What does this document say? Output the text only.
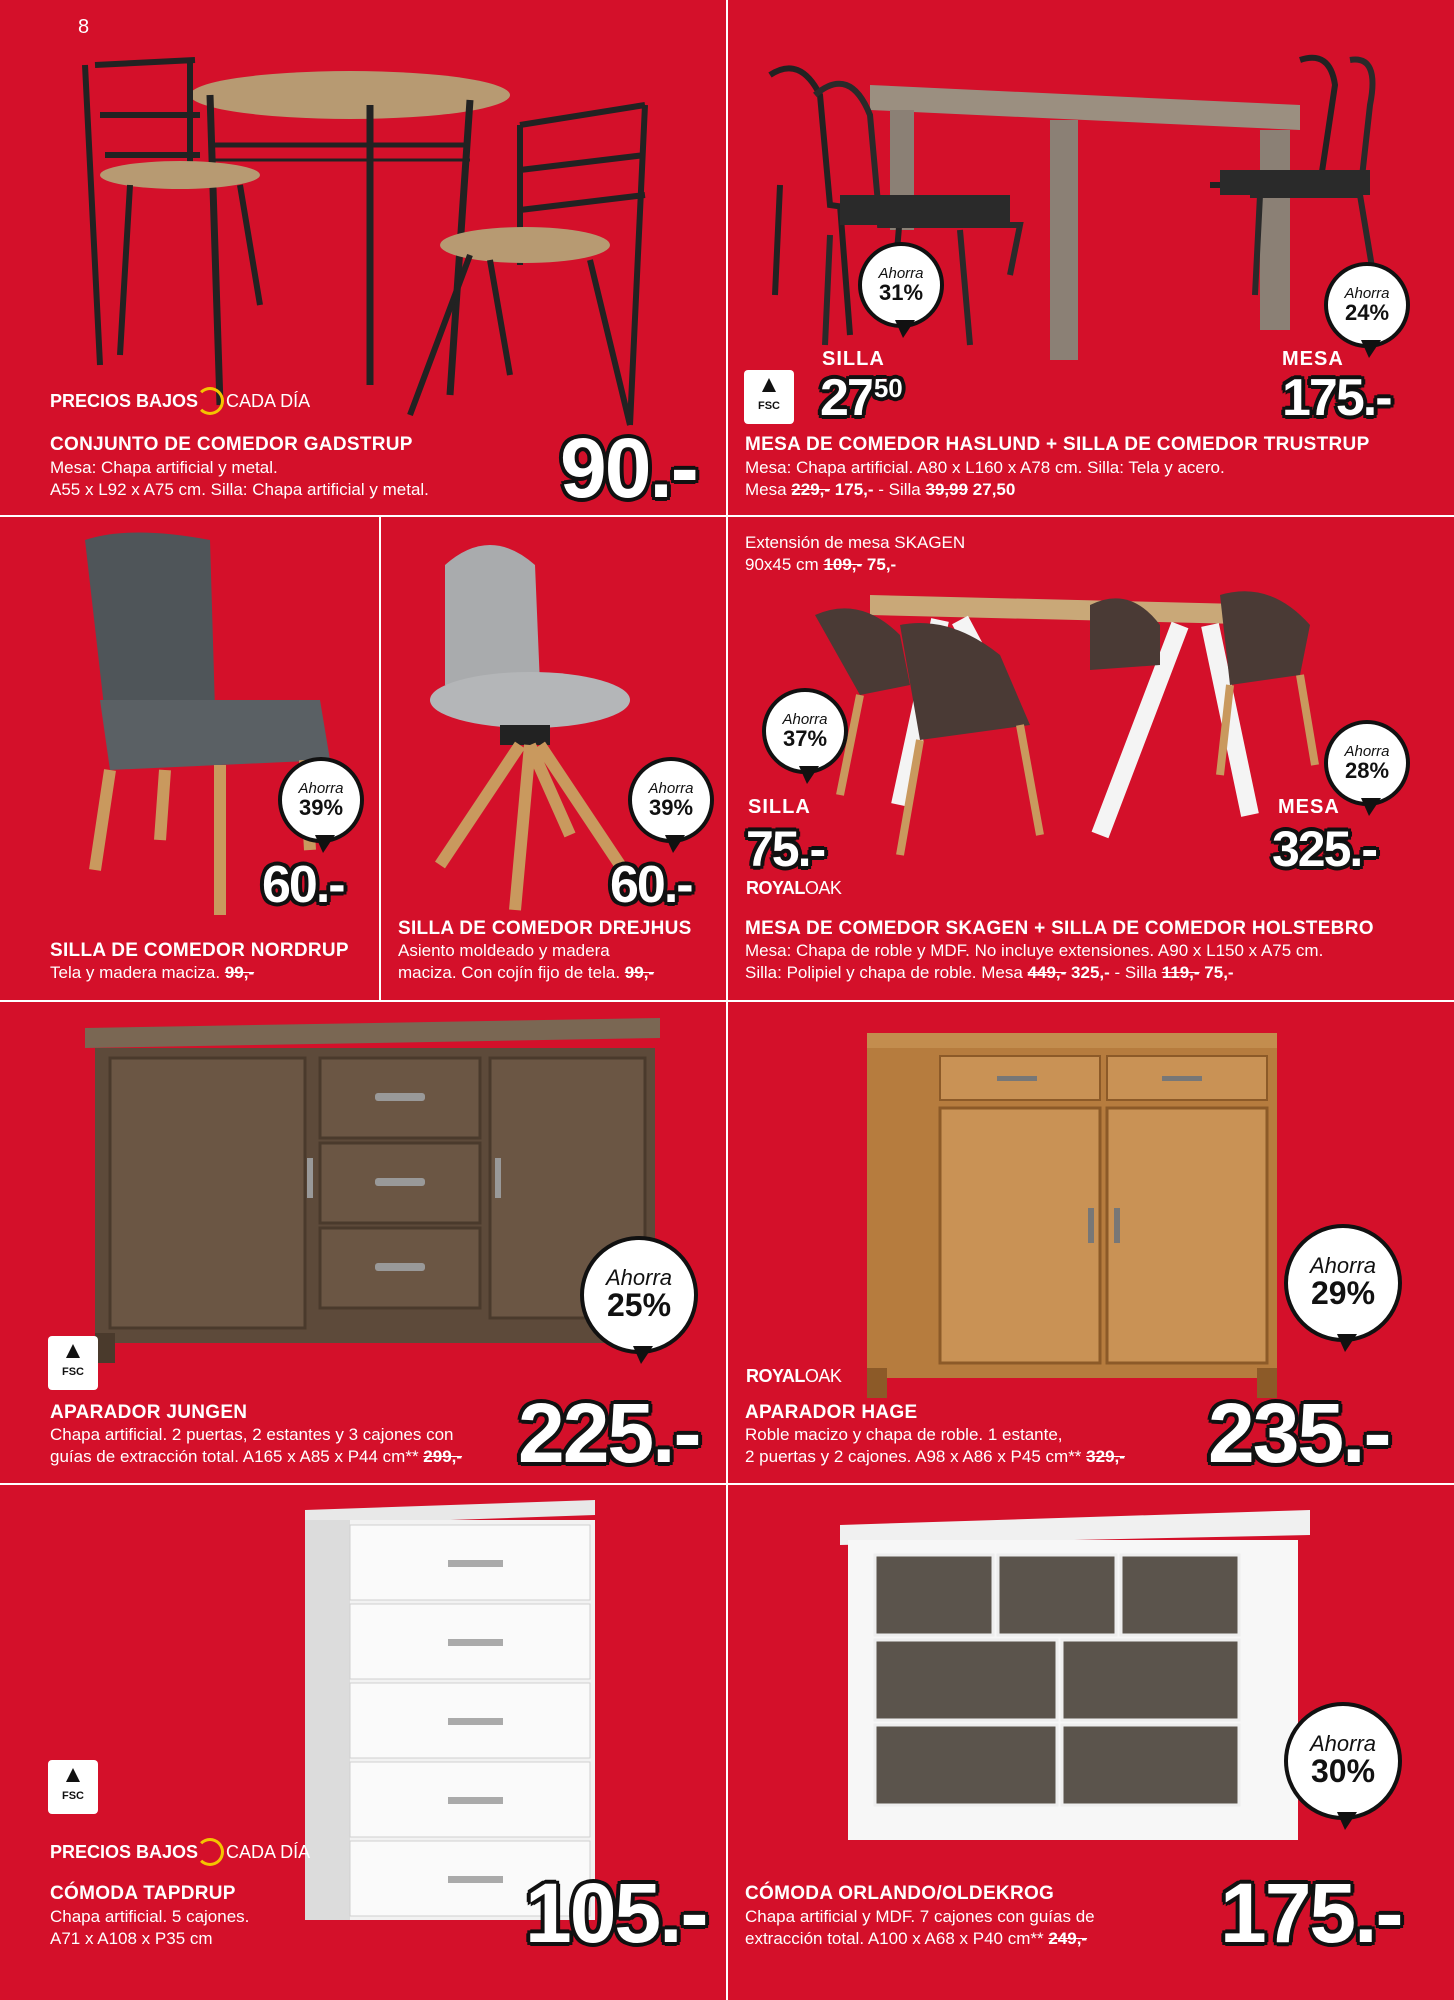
8
PRECIOS BAJOS CADA DÍA
CONJUNTO DE COMEDOR GADSTRUP
Mesa: Chapa artificial y metal.
A55 x L92 x A75 cm. Silla: Chapa artificial y metal. 90.-
Ahorra
31%	Ahorra
24%
SILLA	MESA
▲
FSC $27^{50}$	175.-
MESA DE COMEDOR HASLUND + SILLA DE COMEDOR TRUSTRUP
Mesa: Chapa artificial. A80 x L160 x A78 cm. Silla: Tela y acero.
Mesa 229,- 175,- - Silla 39,99 27,50
Ahorra
39%
60.-
SILLA DE COMEDOR NORDRUP
Tela y madera maciza. 99,-
Ahorra
39%
60.-
SILLA DE COMEDOR DREJHUS
Asiento moldeado y madera
maciza. Con cojín fijo de tela. 99,-
Extensión de mesa SKAGEN
90x45 cm 109,- 75,-
Ahorra
37%
Ahorra
28%
SILLA	MESA
75.-	325.-
ROYALOAK
MESA DE COMEDOR SKAGEN + SILLA DE COMEDOR HOLSTEBRO
Mesa: Chapa de roble y MDF. No incluye extensiones. A90 x L150 x A75 cm.
Silla: Polipiel y chapa de roble. Mesa 449,- 325,- - Silla 119,- 75,-
Ahorra
25%
▲
FSC
225.-
APARADOR JUNGEN
Chapa artificial. 2 puertas, 2 estantes y 3 cajones con
guías de extracción total. A165 x A85 x P44 cm** 299,-
Ahorra
29%
ROYALOAK
235.-
APARADOR HAGE
Roble macizo y chapa de roble. 1 estante,
2 puertas y 2 cajones. A98 x A86 x P45 cm** 329,-
▲
FSC
PRECIOS BAJOS CADA DÍA
CÓMODA TAPDRUP
Chapa artificial. 5 cajones.
A71 x A108 x P35 cm	105.-
Ahorra
30%
CÓMODA ORLANDO/OLDEKROG
Chapa artificial y MDF. 7 cajones con guías de
extracción total. A100 x A68 x P40 cm** 249,- 175.-
